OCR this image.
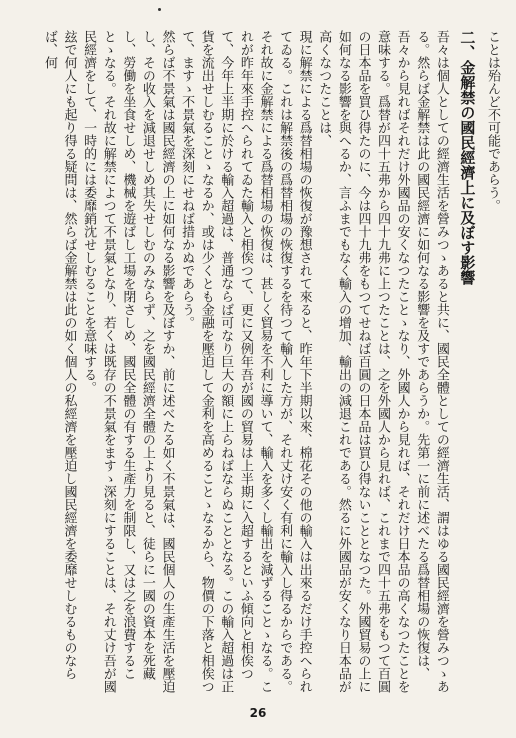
ことは殆んど不可能であらう。

二、金解禁の國民經濟上に及ぼす影響

吾々は個人としての經濟生活を營みつゝあると共に、國民全體としての經濟生活、謂はゆる國民經濟を營みつゝある。然らば金解禁は此の國民經濟に如何なる影響を及すであらうか。先第一に前に述べたる爲替相場の恢復は、吾々から見ればそれだけ外國品の安くなつたことゝなり、外國人から見れば、それだけ日本品の高くなつたことを意味する。爲替が四十五弗から四十九弗に上つたことは、之を外國人から見れば、これまで四十五弗をもつて百圓の日本品を買ひ得たのに、今は四十九弗をもつてせねば百圓の日本品は買ひ得ないこととなつた。外國貿易の上に如何なる影響を與へるか、言ふまでもなく輸入の增加、輸出の減退これである。然るに外國品が安くなり日本品が高くなつたことは、

現に解禁による爲替相場の恢復が豫想されて來ると、昨年下半期以來、棉花その他の輸入は出來るだけ手控へられてゐる。これは解禁後の爲替相場の恢復するを待つて輸入した方が、それ丈け安く有利に輸入し得るからである。

それ故に金解禁による爲替相場の恢復は、甚しく貿易を不利に導いて、輸入を多くし輸出を減ずることゝなる。これが昨年來手控へられてゐた輸入と相俟つて、更に又例年吾が國の貿易は上半期に入超するといふ傾向と相俟つて、今年上半期に於ける輸入超過は、普通ならば可なり巨大の額に上らねばならぬこととなる。この輸入超過は正貨を流出せしむることゝなるか、或は少くとも金融を壓迫して金利を高めることゝなるから、物價の下落と相俟つて、ますゝ不景氣を深刻にせねば措かぬであらう。

然らば不景氣は國民經濟の上に如何なる影響を及ぼすか、前に述べたる如く不景氣は、國民個人の生產生活を壓迫し、その收入を減退せしめ其失せしむのみならず、之を國民經濟全體の上より見ると、徒らに一國の資本を死藏し、勞働を坐食せしめ、機械を遊ばし工場を閉さしめ、國民全體の有する生產力を制限し、又は之を浪費することゝなる。それ故に解禁によつて不景氣となり、若くは既存の不景氣をますゝ深刻にすることは、それ丈け吾が國民經濟をして、一時的には委靡銷沈せしむることを意味する。

玆で何人にも起り得る疑問は、然らば金解禁は此の如く個人の私經濟を壓迫し國民經濟を委靡せしむるものならば、何

26
